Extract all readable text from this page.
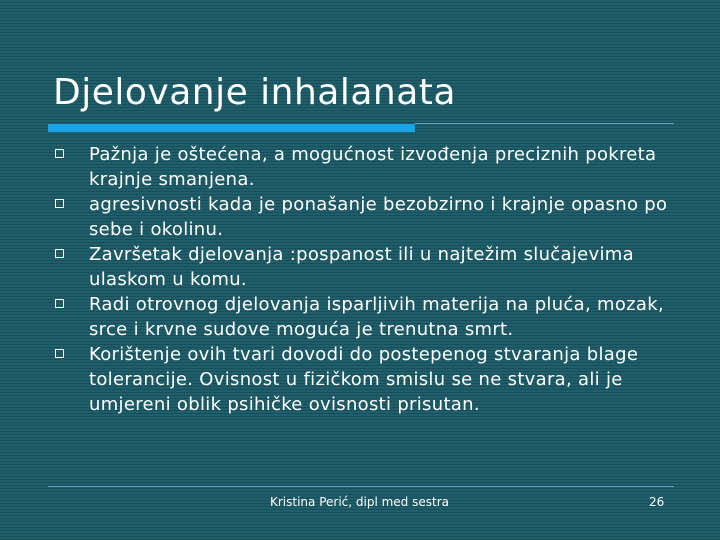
Djelovanje inhalanata
Pažnja je oštećena, a mogućnost izvođenja preciznih pokreta krajnje smanjena.
agresivnosti kada je ponašanje bezobzirno i krajnje opasno po sebe i okolinu.
Završetak djelovanja :pospanost ili u najtežim slučajevima ulaskom u komu.
Radi otrovnog djelovanja isparljivih materija na pluća, mozak, srce i krvne sudove moguća je trenutna smrt.
Korištenje ovih tvari dovodi do postepenog stvaranja blage tolerancije. Ovisnost u fizičkom smislu se ne stvara, ali je umjereni oblik psihičke ovisnosti prisutan.
Kristina Perić, dipl med sestra	26
